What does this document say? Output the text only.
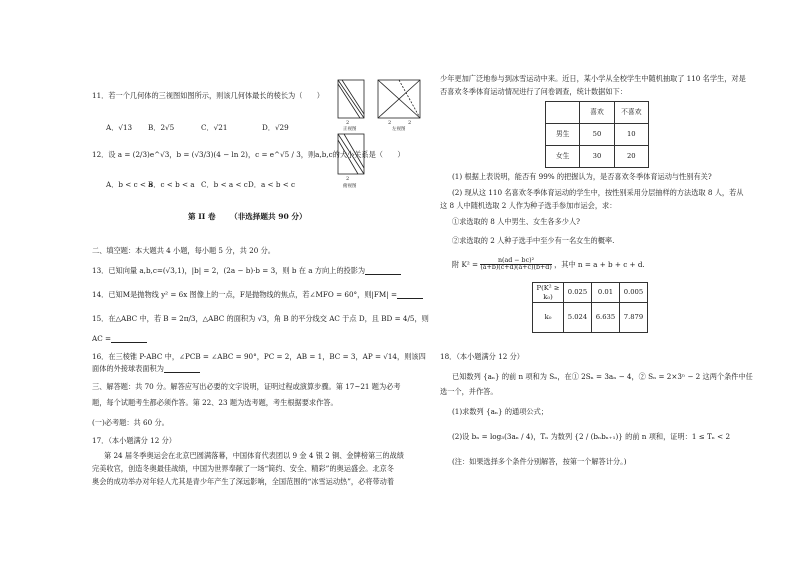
11．若一个几何体的三视图如图所示，则该几何体最长的棱长为（　　）
A．√13 B．2√5	C．√21	D．√29	2
正视图
2	2
左视图
2
俯视图
12．设 a = (2/3)e^√3，b = (√3/3)(4 − ln 2)，c = e^√5 / 3，则a,b,c的大小关系是（　　）
A．b < c < a
B．c < b < a C．b < a < c D．a < b < c
第 II 卷 （非选择题共 90 分）
二、填空题：本大题共 4 小题，每小题 5 分，共 20 分。
13．已知向量 a,b,c=(√3,1)，|b| = 2，(2a − b)·b = 3，则 b 在 a 方向上的投影为
14．已知M是抛物线 y² = 6x 图像上的一点，F是抛物线的焦点，若∠MFO = 60°，则|FM| =
15．在△ABC 中，若 B = 2π/3，△ABC 的面积为 √3，角 B 的平分线交 AC 于点 D，且 BD = 4/5，则
AC =
16．在三棱锥 P-ABC 中，∠PCB = ∠ABC = 90°，PC = 2，AB = 1，BC = 3，AP = √14，则该四
面体的外接球表面积为
三、解答题：共 70 分。解答应写出必要的文字说明，证明过程或演算步骤。第 17~21 题为必考
题，每个试题考生都必须作答。第 22、23 题为选考题，考生根据要求作答。
(一)必考题：共 60 分。
17．（本小题满分 12 分）
第 24 届冬季奥运会在北京巴圆满落幕，中国体育代表团以 9 金 4 银 2 铜、金牌榜第三的战绩
完美收官，创造冬奥最佳战绩，中国为世界奉献了一场“简约、安全、精彩”的奥运盛会。北京冬
奥会的成功举办对年轻人尤其是青少年产生了深远影响，全国范围的“冰雪运动热”，必将带动着
少年更加广泛地参与到冰雪运动中来。近日，某小学从全校学生中随机抽取了 110 名学生，对是
否喜欢冬季体育运动情况进行了问卷调查，统计数据如下：
	喜欢	不喜欢
男生	50	10
女生	30	20
(1) 根据上表说明，能否有 99% 的把握认为，是否喜欢冬季体育运动与性别有关?
(2) 现从这 110 名喜欢冬季体育运动的学生中，按性别采用分层抽样的方法选取 8 人，若从
这 8 人中随机选取 2 人作为种子选手参加市运会，求：
①求选取的 8 人中男生、女生各多少人?
②求选取的 2 人种子选手中至少有一名女生的概率.
附 $K^2 = \frac{\text{n(ad − bc)²}}{(a+b)(c+d)(a+c)(b+d)}$ ，其中 n = a + b + c + d.
P(K² ≥ k₀)	0.025	0.01	0.005
k₀	5.024	6.635	7.879
18．（本小题满分 12 分）
已知数列 {aₙ} 的前 n 项和为 Sₙ，在① 2Sₙ = 3aₙ − 4，② Sₙ = 2×3ⁿ − 2 这两个条件中任
选一个，并作答。
(1)求数列 {aₙ} 的通项公式；
(2)设 bₙ = log₃(3aₙ / 4)，Tₙ 为数列 {2 / (bₙbₙ₊₁)} 的前 n 项和，证明：1 ≤ Tₙ < 2
(注：如果选择多个条件分别解答，按第一个解答计分。)
